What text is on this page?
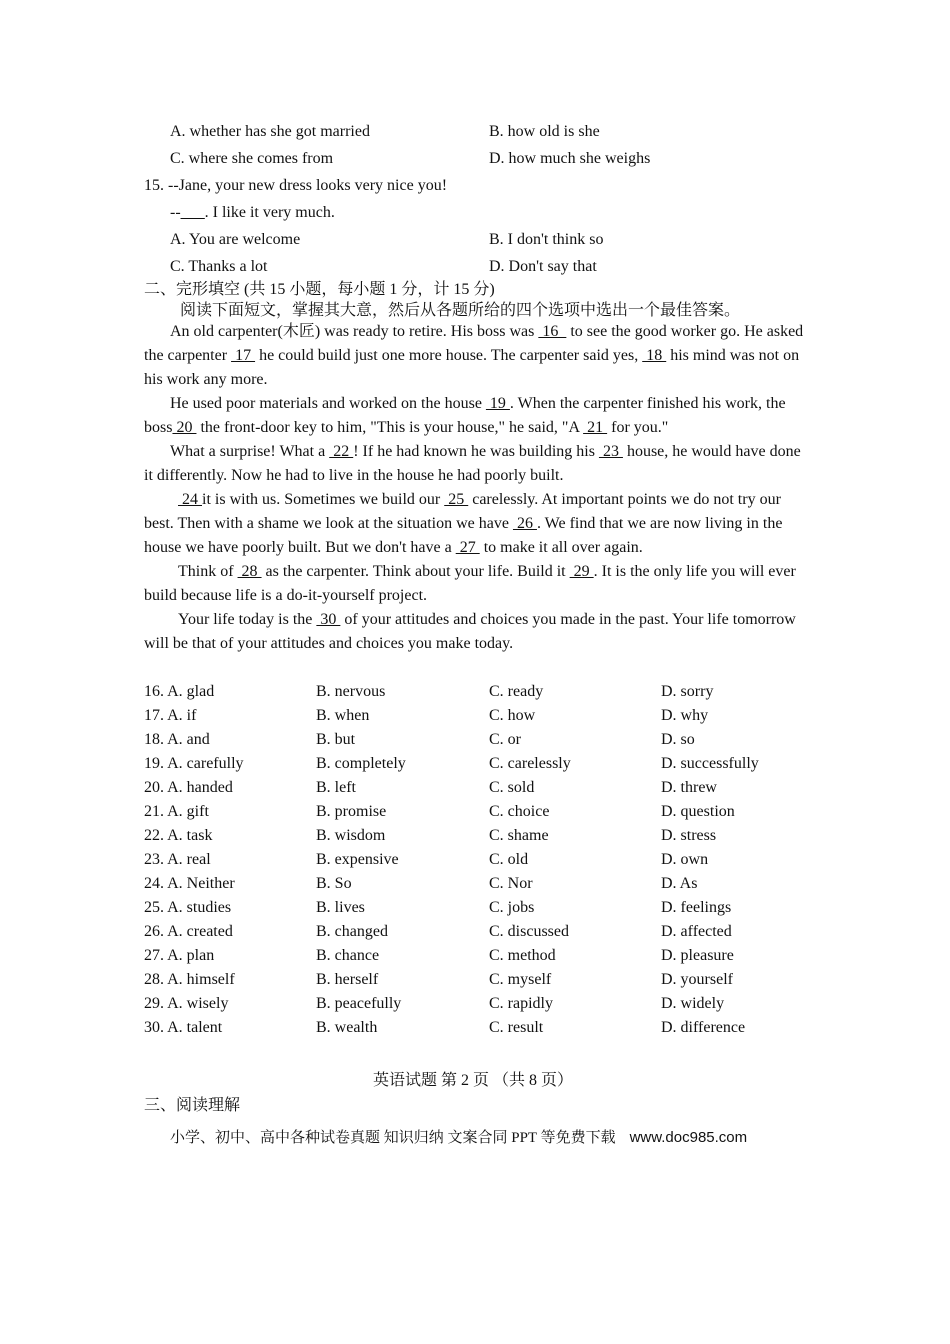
A. whether has she got married	B. how old is she
C. where she comes from	D. how much she weighs
15. --Jane, your new dress looks very nice you!
--___. I like it very much.
A. You are welcome	B. I don't think so
C. Thanks a lot	D. Don't say that
二、完形填空 (共 15 小题，每小题 1 分，计 15 分)
阅读下面短文，掌握其大意，然后从各题所给的四个选项中选出一个最佳答案。

An old carpenter(木匠) was ready to retire. His boss was  16   to see the good worker go. He asked the carpenter  17  he could build just one more house. The carpenter said yes,  18  his mind was not on his work any more.

He used poor materials and worked on the house  19 . When the carpenter finished his work, the boss 20  the front-door key to him, "This is your house," he said, "A  21  for you."

What a surprise! What a  22 ! If he had known he was building his  23  house, he would have done it differently. Now he had to live in the house he had poorly built.

24 it is with us. Sometimes we build our  25  carelessly. At important points we do not try our best. Then with a shame we look at the situation we have  26 . We find that we are now living in the house we have poorly built. But we don't have a  27  to make it all over again.

Think of  28  as the carpenter. Think about your life. Build it  29 . It is the only life you will ever build because life is a do-it-yourself project.

Your life today is the  30  of your attitudes and choices you made in the past. Your life tomorrow will be that of your attitudes and choices you make today.

16. A. glad	B. nervous	C. ready	D. sorry
17. A. if	B. when	C. how	D. why
18. A. and	B. but	C. or	D. so
19. A. carefully	B. completely	C. carelessly	D. successfully
20. A. handed	B. left	C. sold	D. threw
21. A. gift	B. promise	C. choice	D. question
22. A. task	B. wisdom	C. shame	D. stress
23. A. real	B. expensive	C. old	D. own
24. A. Neither	B. So	C. Nor	D. As
25. A. studies	B. lives	C. jobs	D. feelings
26. A. created	B. changed	C. discussed	D. affected
27. A. plan	B. chance	C. method	D. pleasure
28. A. himself	B. herself	C. myself	D. yourself
29. A. wisely	B. peacefully	C. rapidly	D. widely
30. A. talent	B. wealth	C. result	D. difference
英语试题 第 2 页 （共 8 页）
三、阅读理解
小学、初中、高中各种试卷真题 知识归纳 文案合同 PPT 等免费下载 www.doc985.com
